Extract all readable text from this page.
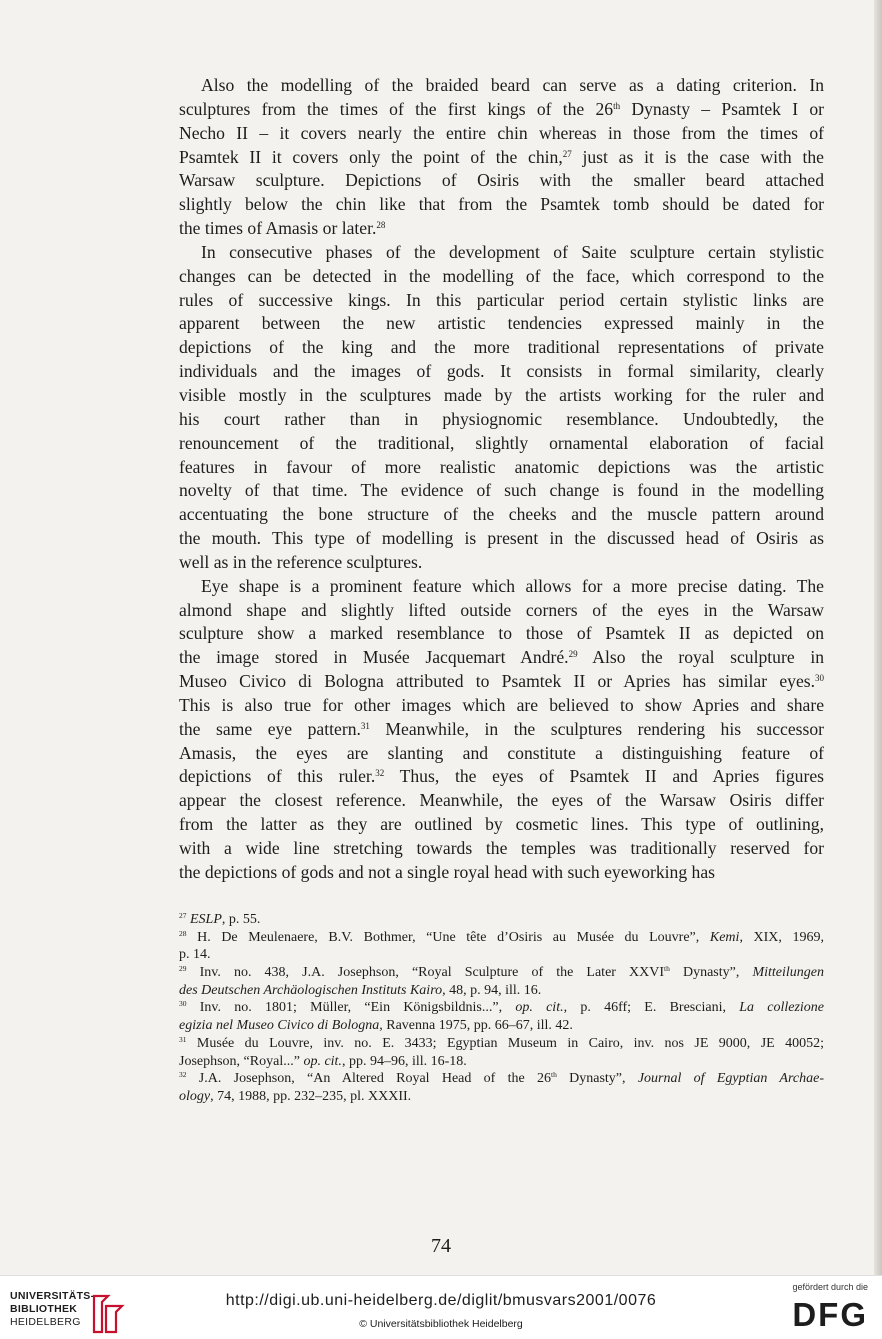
Also the modelling of the braided beard can serve as a dating criterion. In
sculptures from the times of the first kings of the 26th Dynasty – Psamtek I or
Necho II – it covers nearly the entire chin whereas in those from the times of
Psamtek II it covers only the point of the chin,$^{27}$ just as it is the case with the
Warsaw sculpture. Depictions of Osiris with the smaller beard attached
slightly below the chin like that from the Psamtek tomb should be dated for
the times of Amasis or later.$^{28}$
In consecutive phases of the development of Saite sculpture certain stylistic
changes can be detected in the modelling of the face, which correspond to the
rules of successive kings. In this particular period certain stylistic links are
apparent between the new artistic tendencies expressed mainly in the
depictions of the king and the more traditional representations of private
individuals and the images of gods. It consists in formal similarity, clearly
visible mostly in the sculptures made by the artists working for the ruler and
his court rather than in physiognomic resemblance. Undoubtedly, the
renouncement of the traditional, slightly ornamental elaboration of facial
features in favour of more realistic anatomic depictions was the artistic
novelty of that time. The evidence of such change is found in the modelling
accentuating the bone structure of the cheeks and the muscle pattern around
the mouth. This type of modelling is present in the discussed head of Osiris as
well as in the reference sculptures.
Eye shape is a prominent feature which allows for a more precise dating. The
almond shape and slightly lifted outside corners of the eyes in the Warsaw
sculpture show a marked resemblance to those of Psamtek II as depicted on
the image stored in Musée Jacquemart André.$^{29}$ Also the royal sculpture in
Museo Civico di Bologna attributed to Psamtek II or Apries has similar eyes.$^{30}$
This is also true for other images which are believed to show Apries and share
the same eye pattern.$^{31}$ Meanwhile, in the sculptures rendering his successor
Amasis, the eyes are slanting and constitute a distinguishing feature of
depictions of this ruler.$^{32}$ Thus, the eyes of Psamtek II and Apries figures
appear the closest reference. Meanwhile, the eyes of the Warsaw Osiris differ
from the latter as they are outlined by cosmetic lines. This type of outlining,
with a wide line stretching towards the temples was traditionally reserved for
the depictions of gods and not a single royal head with such eyeworking has
$^{27}$ ESLP, p. 55.
$^{28}$ H. De Meulenaere, B.V. Bothmer, “Une tête d’Osiris au Musée du Louvre”, Kemi, XIX, 1969,
p. 14.
$^{29}$ Inv. no. 438, J.A. Josephson, “Royal Sculpture of the Later XXVIth Dynasty”, Mitteilungen
des Deutschen Archäologischen Instituts Kairo, 48, p. 94, ill. 16.
$^{30}$ Inv. no. 1801; Müller, “Ein Königsbildnis...”, op. cit., p. 46ff; E. Bresciani, La collezione
egizia nel Museo Civico di Bologna, Ravenna 1975, pp. 66–67, ill. 42.
$^{31}$ Musée du Louvre, inv. no. E. 3433; Egyptian Museum in Cairo, inv. nos JE 9000, JE 40052;
Josephson, “Royal...” op. cit., pp. 94–96, ill. 16-18.
$^{32}$ J.A. Josephson, “An Altered Royal Head of the 26th Dynasty”, Journal of Egyptian Archae-
ology, 74, 1988, pp. 232–235, pl. XXXII.
74
UNIVERSITÄTS-
BIBLIOTHEK
HEIDELBERG
http://digi.ub.uni-heidelberg.de/diglit/bmusvars2001/0076
© Universitätsbibliothek Heidelberg
gefördert durch die
DFG
